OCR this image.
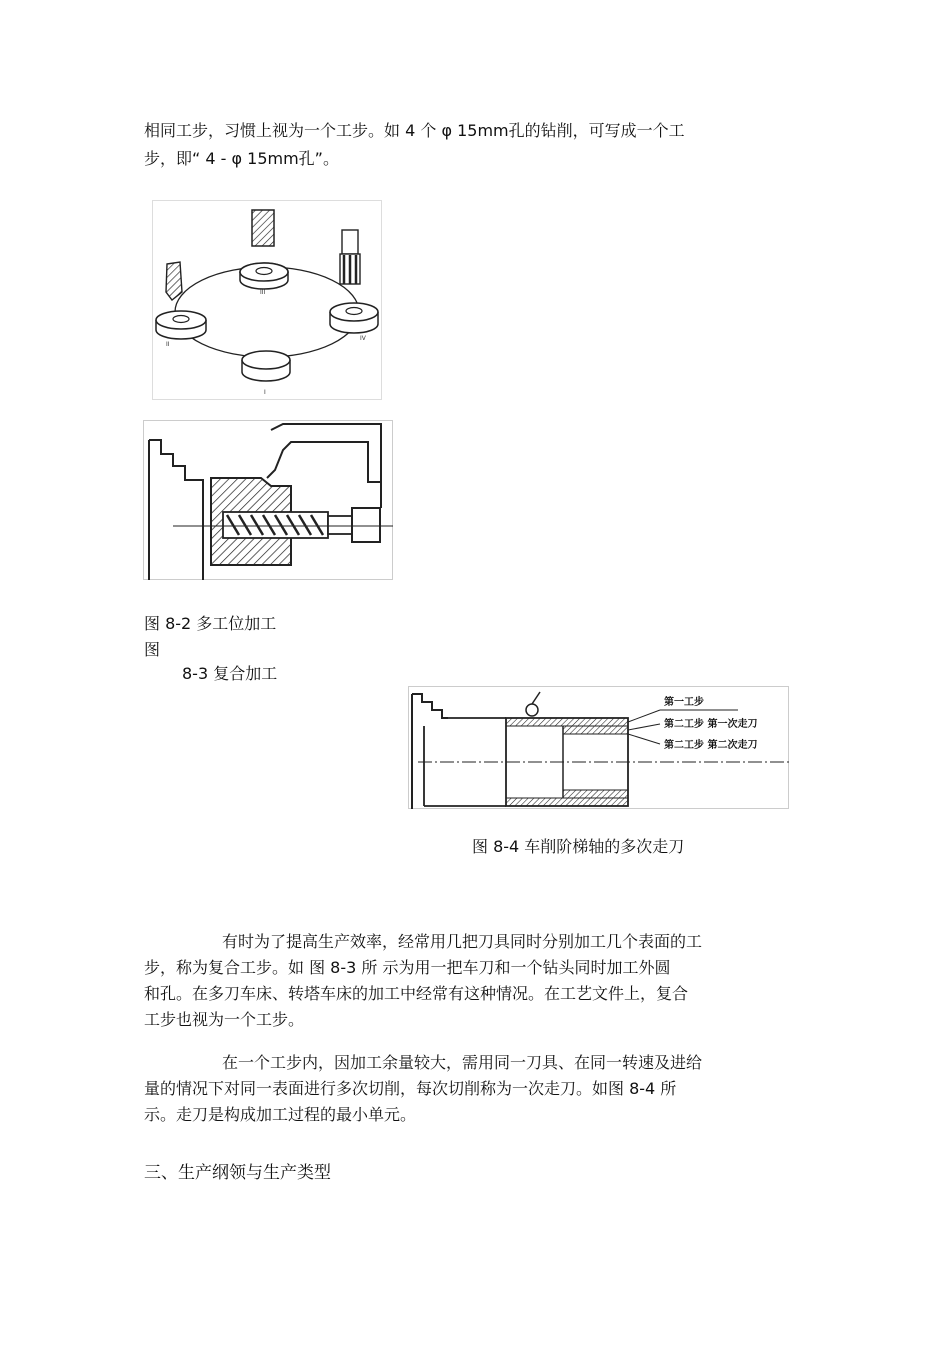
相同工步，习惯上视为一个工步。如 4 个 φ 15mm孔的钻削，可写成一个工
步，即“ 4 - φ 15mm孔”。
III
IV
II
I
图 8-2 多工位加工
图
8-3 复合加工
第一工步
第二工步 第一次走刀
第二工步 第二次走刀
图 8-4 车削阶梯轴的多次走刀
有时为了提高生产效率，经常用几把刀具同时分别加工几个表面的工
步，称为复合工步。如 图 8-3 所 示为用一把车刀和一个钻头同时加工外圆
和孔。在多刀车床、转塔车床的加工中经常有这种情况。在工艺文件上，复合
工步也视为一个工步。
在一个工步内，因加工余量较大，需用同一刀具、在同一转速及进给
量的情况下对同一表面进行多次切削，每次切削称为一次走刀。如图 8-4 所
示。走刀是构成加工过程的最小单元。
三、生产纲领与生产类型
